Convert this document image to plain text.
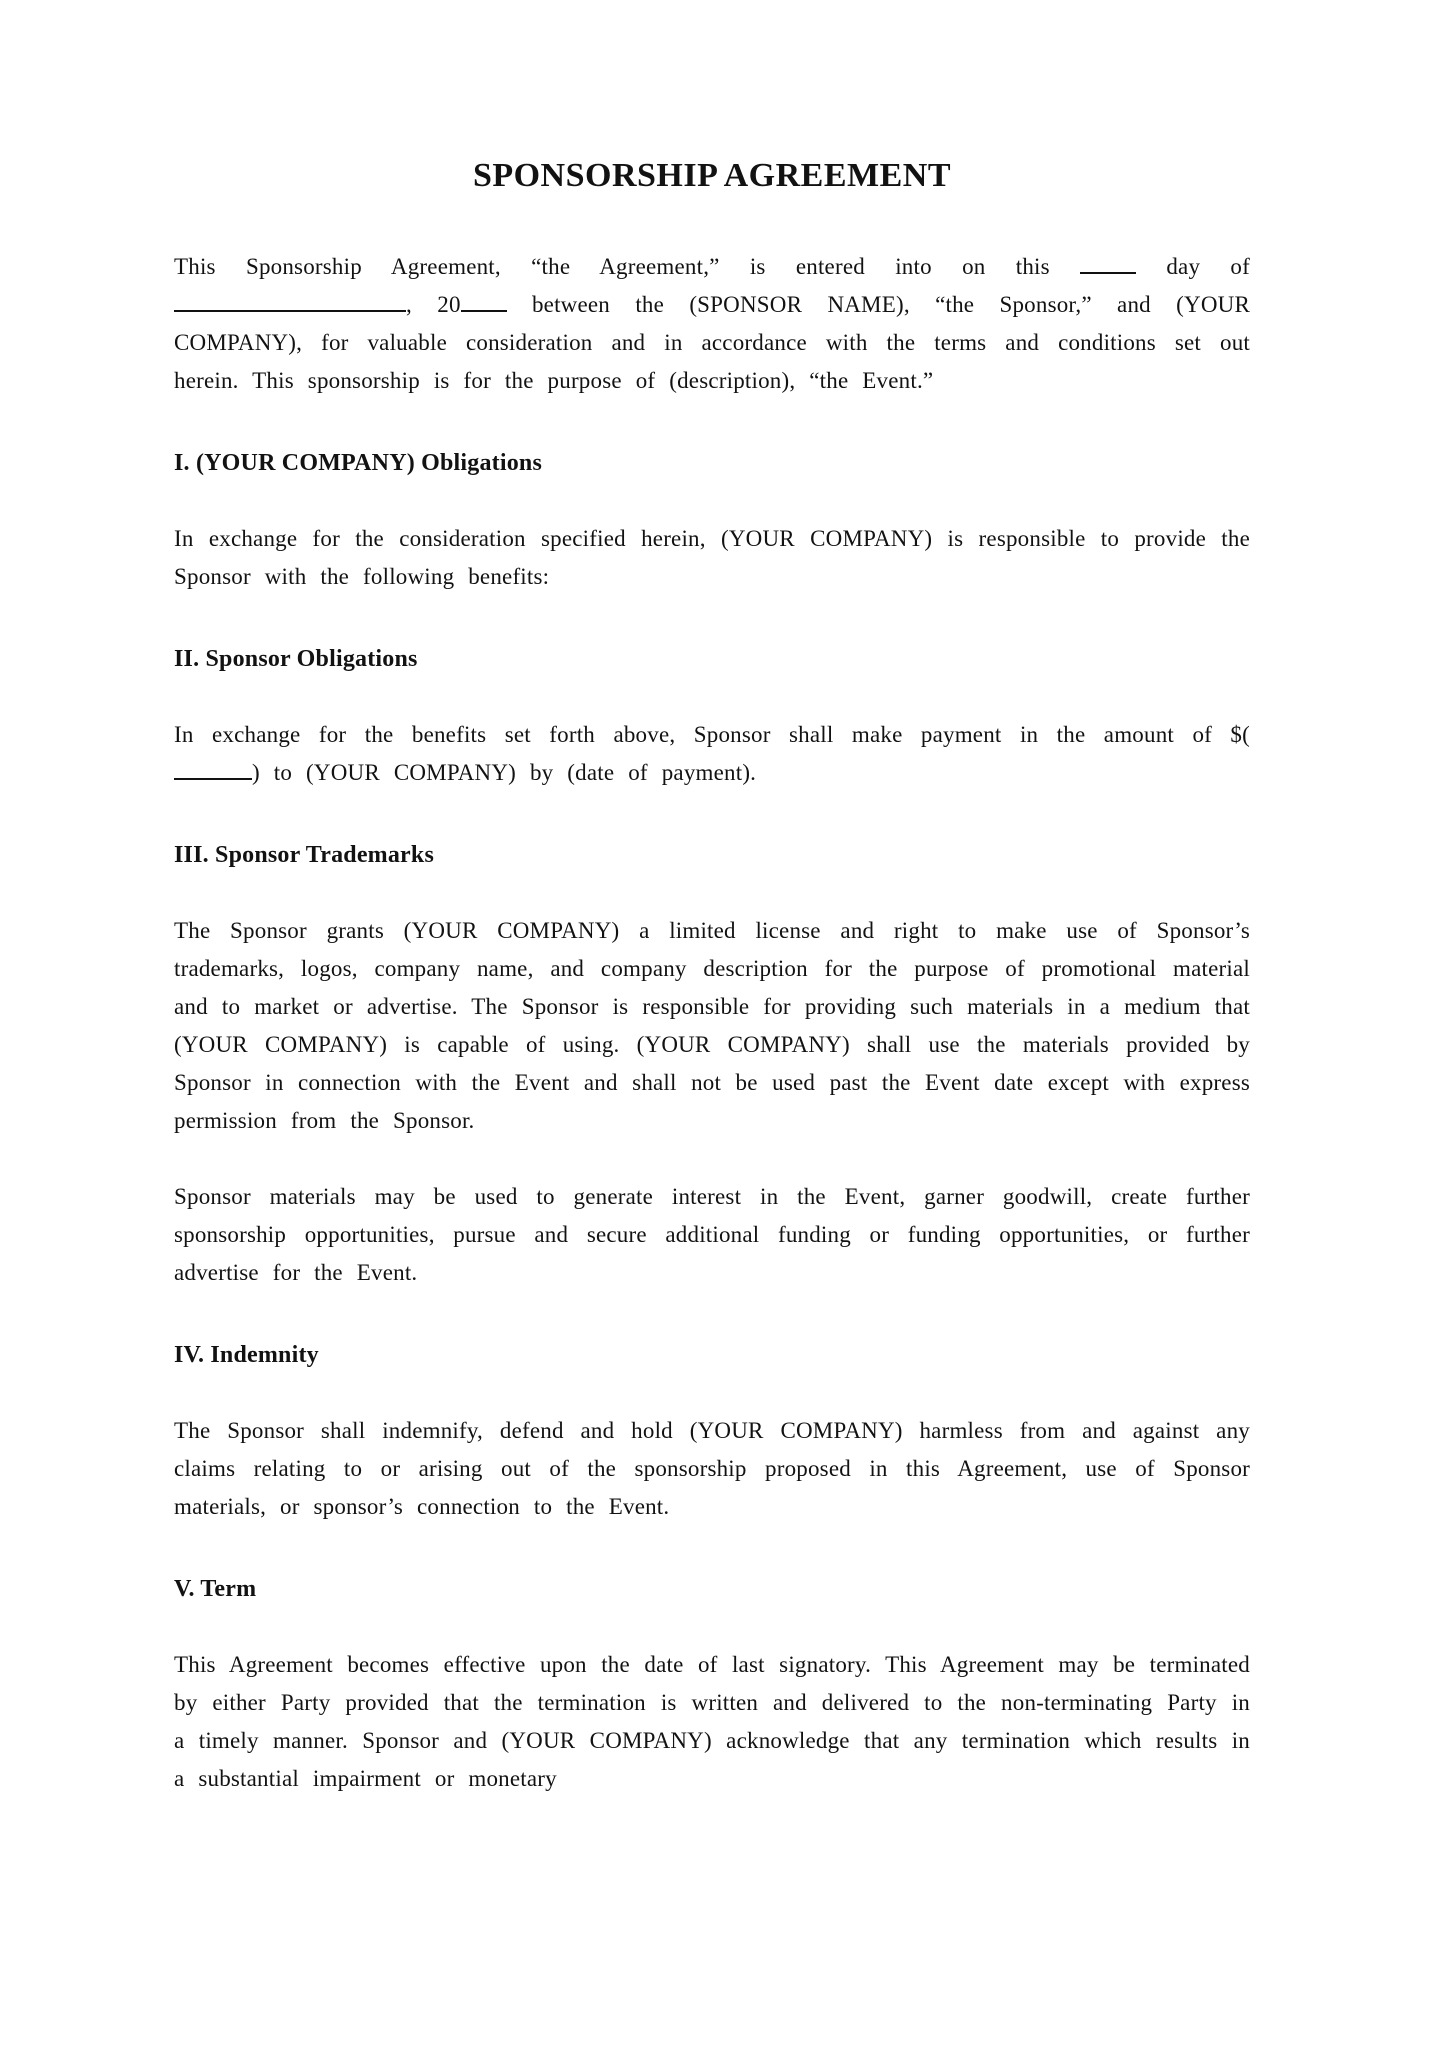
SPONSORSHIP AGREEMENT

This Sponsorship Agreement, “the Agreement,” is entered into on this  day of , 20 between the (SPONSOR NAME), “the Sponsor,” and (YOUR COMPANY), for valuable consideration and in accordance with the terms and conditions set out herein. This sponsorship is for the purpose of (description), “the Event.”

I. (YOUR COMPANY) Obligations

In exchange for the consideration specified herein, (YOUR COMPANY) is responsible to provide the Sponsor with the following benefits:

II. Sponsor Obligations

In exchange for the benefits set forth above, Sponsor shall make payment in the amount of $() to (YOUR COMPANY) by (date of payment).

III. Sponsor Trademarks

The Sponsor grants (YOUR COMPANY) a limited license and right to make use of Sponsor’s trademarks, logos, company name, and company description for the purpose of promotional material and to market or advertise. The Sponsor is responsible for providing such materials in a medium that (YOUR COMPANY) is capable of using. (YOUR COMPANY) shall use the materials provided by Sponsor in connection with the Event and shall not be used past the Event date except with express permission from the Sponsor.

Sponsor materials may be used to generate interest in the Event, garner goodwill, create further sponsorship opportunities, pursue and secure additional funding or funding opportunities, or further advertise for the Event.

IV. Indemnity

The Sponsor shall indemnify, defend and hold (YOUR COMPANY) harmless from and against any claims relating to or arising out of the sponsorship proposed in this Agreement, use of Sponsor materials, or sponsor’s connection to the Event.

V. Term

This Agreement becomes effective upon the date of last signatory. This Agreement may be terminated by either Party provided that the termination is written and delivered to the non-terminating Party in a timely manner. Sponsor and (YOUR COMPANY) acknowledge that any termination which results in a substantial impairment or monetary
